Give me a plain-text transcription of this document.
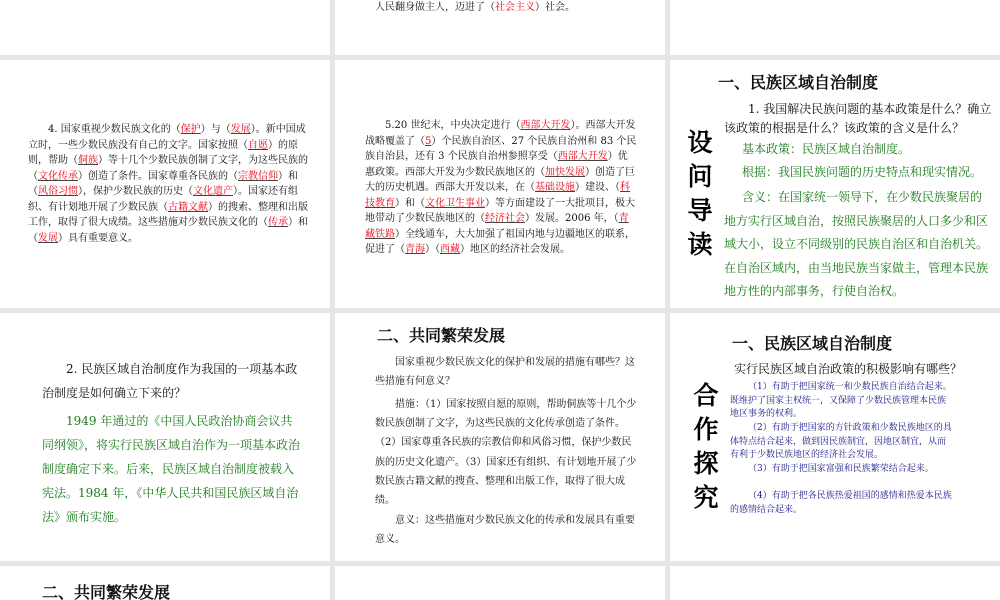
人民翻身做主人，迈进了（社会主义）社会。

4. 国家重视少数民族文化的（保护）与（发展）。新中国成立时，一些少数民族没有自己的文字。国家按照（自愿）的原则，帮助（侗族）等十几个少数民族创制了文字，为这些民族的（文化传承）创造了条件。国家尊重各民族的（宗教信仰）和（风俗习惯），保护少数民族的历史（文化遗产）。国家还有组织、有计划地开展了少数民族（古籍文献）的搜索、整理和出版工作，取得了很大成绩。这些措施对少数民族文化的（传承）和（发展）具有重要意义。

5.20 世纪末，中央决定进行（西部大开发）。西部大开发战略覆盖了（5）个民族自治区、27 个民族自治州和 83 个民族自治县，还有 3 个民族自治州参照享受（西部大开发）优惠政策。西部大开发为少数民族地区的（加快发展）创造了巨大的历史机遇。西部大开发以来，在（基础设施）建设、（科技教育）和（文化卫生事业）等方面建设了一大批项目，极大地带动了少数民族地区的（经济社会）发展。2006 年，（青藏铁路）全线通车，大大加强了祖国内地与边疆地区的联系，促进了（青海）（西藏）地区的经济社会发展。

一、民族区域自治制度

设
问
导
读

1. 我国解决民族问题的基本政策是什么？确立该政策的根据是什么？该政策的含义是什么？

基本政策：民族区域自治制度。

根据：我国民族问题的历史特点和现实情况。

含义：在国家统一领导下，在少数民族聚居的地方实行区域自治，按照民族聚居的人口多少和区域大小，设立不同级别的民族自治区和自治机关。在自治区域内，由当地民族当家做主，管理本民族地方性的内部事务，行使自治权。

2. 民族区域自治制度作为我国的一项基本政治制度是如何确立下来的？

1949 年通过的《中国人民政治协商会议共同纲领》，将实行民族区域自治作为一项基本政治制度确定下来。后来，民族区域自治制度被载入宪法。1984 年，《中华人民共和国民族区域自治法》颁布实施。

二、共同繁荣发展

国家重视少数民族文化的保护和发展的措施有哪些？这些措施有何意义？

措施：（1）国家按照自愿的原则，帮助侗族等十几个少数民族创制了文字，为这些民族的文化传承创造了条件。（2）国家尊重各民族的宗教信仰和风俗习惯，保护少数民族的历史文化遗产。（3）国家还有组织、有计划地开展了少数民族古籍文献的搜查、整理和出版工作，取得了很大成绩。

意义：这些措施对少数民族文化的传承和发展具有重要意义。

一、民族区域自治制度

合
作
探
究

实行民族区域自治政策的积极影响有哪些？

（1）有助于把国家统一和少数民族自治结合起来。既维护了国家主权统一，又保障了少数民族管理本民族地区事务的权利。

（2）有助于把国家的方针政策和少数民族地区的具体特点结合起来，做到因民族制宜，因地区制宜，从而有利于少数民族地区的经济社会发展。

（3）有助于把国家富强和民族繁荣结合起来。

（4）有助于把各民族热爱祖国的感情和热爱本民族的感情结合起来。

二、共同繁荣发展
